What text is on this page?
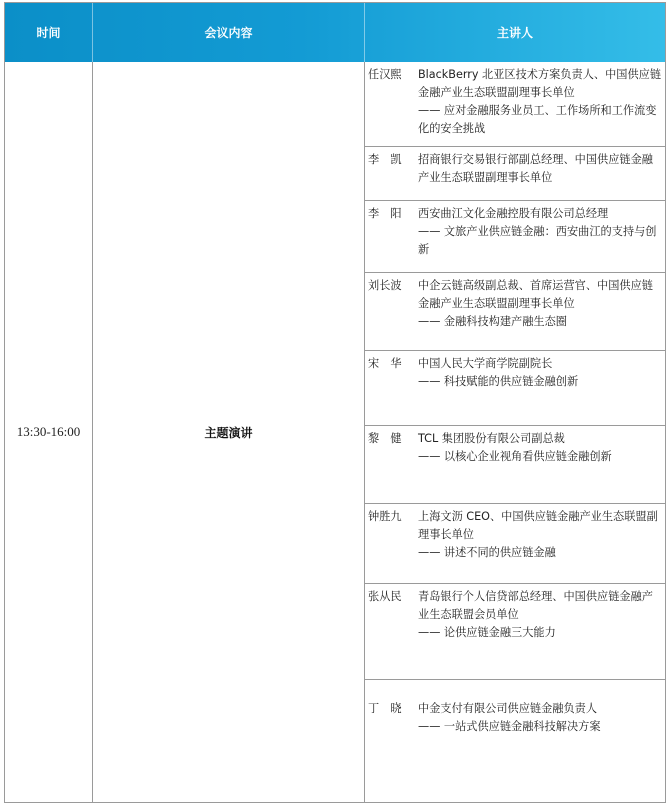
时间	会议内容	主讲人
13:30-16:00	主题演讲
任汉熙	BlackBerry 北亚区技术方案负责人、中国供应链金融产业生态联盟副理事长单位
—— 应对金融服务业员工、工作场所和工作流变化的安全挑战
李　凯	招商银行交易银行部副总经理、中国供应链金融产业生态联盟副理事长单位
李　阳	西安曲江文化金融控股有限公司总经理
—— 文旅产业供应链金融：西安曲江的支持与创新
刘长波	中企云链高级副总裁、首席运营官、中国供应链金融产业生态联盟副理事长单位
—— 金融科技构建产融生态圈
宋　华	中国人民大学商学院副院长
—— 科技赋能的供应链金融创新
黎　健	TCL 集团股份有限公司副总裁
—— 以核心企业视角看供应链金融创新
钟胜九	上海文沥 CEO、中国供应链金融产业生态联盟副理事长单位
—— 讲述不同的供应链金融
张从民	青岛银行个人信贷部总经理、中国供应链金融产业生态联盟会员单位
—— 论供应链金融三大能力
丁　晓	中金支付有限公司供应链金融负责人
—— 一站式供应链金融科技解决方案
